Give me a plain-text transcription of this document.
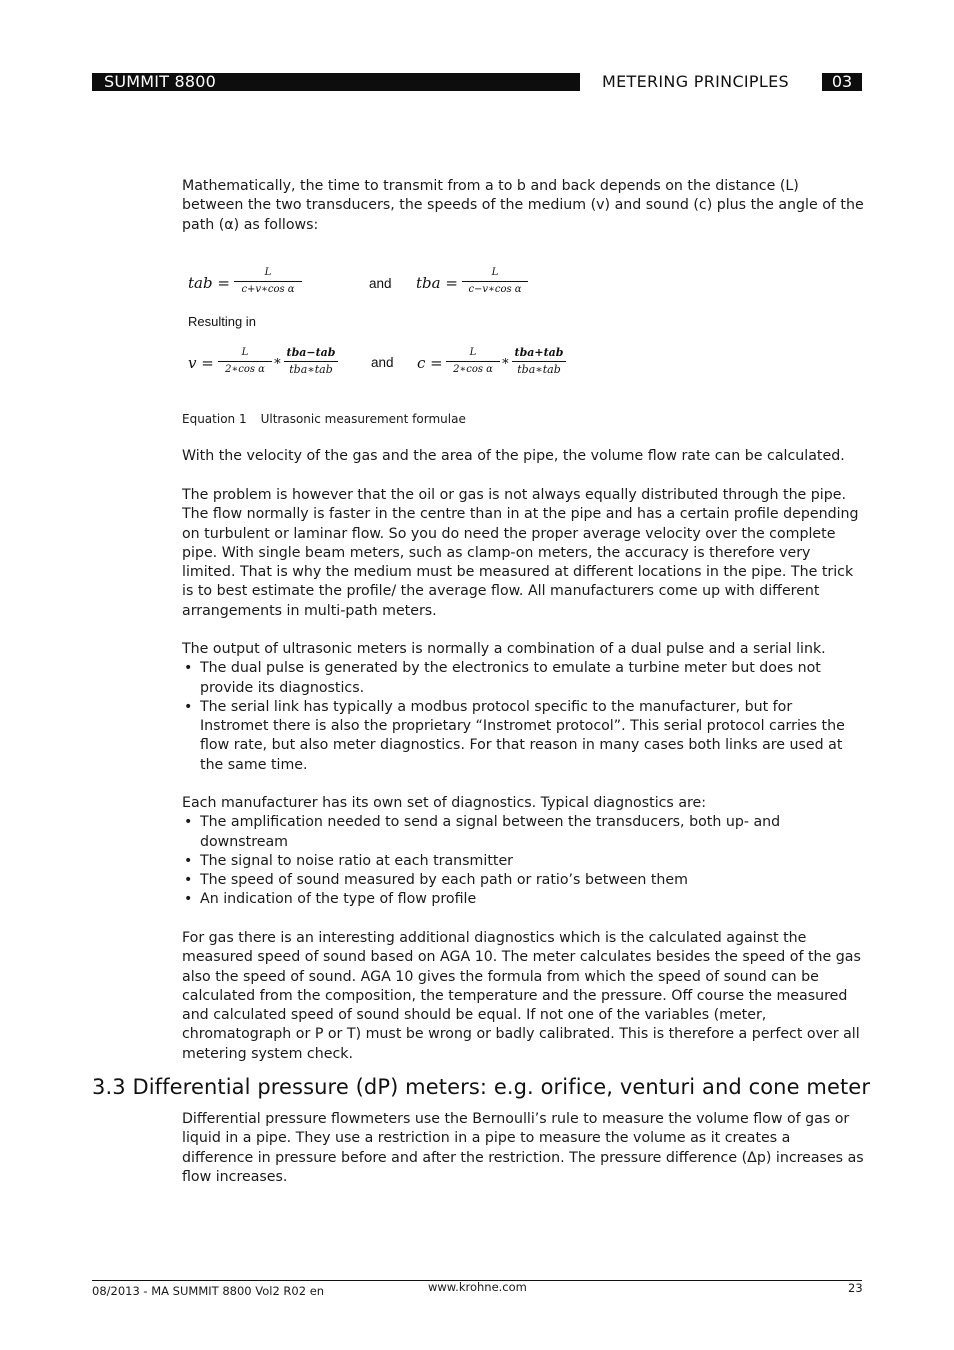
SUMMIT 8800	METERING PRINCIPLES	03

Mathematically, the time to transmit from a to b and back depends on the distance (L) between the two transducers, the speeds of the medium (v) and sound (c) plus the angle of the path (α) as follows:

tab =
L
c+v∗cos α	and tba =
L
c−v∗cos α
Resulting in
v =
L
2∗cos α
∗
tba−tab
tba∗tab	and c =
L
2∗cos α
∗
tba+tab
tba∗tab
Equation 1 Ultrasonic measurement formulae

With the velocity of the gas and the area of the pipe, the volume flow rate can be calculated.

The problem is however that the oil or gas is not always equally distributed through the pipe. The flow normally is faster in the centre than in at the pipe and has a certain profile depending on turbulent or laminar flow. So you do need the proper average velocity over the complete pipe. With single beam meters, such as clamp-on meters, the accuracy is therefore very limited. That is why the medium must be measured at different locations in the pipe. The trick is to best estimate the profile/ the average flow. All manufacturers come up with different arrangements in multi-path meters.

The output of ultrasonic meters is normally a combination of a dual pulse and a serial link.
• The dual pulse is generated by the electronics to emulate a turbine meter but does not provide its diagnostics.
• The serial link has typically a modbus protocol specific to the manufacturer, but for Instromet there is also the proprietary “Instromet protocol”. This serial protocol carries the flow rate, but also meter diagnostics. For that reason in many cases both links are used at the same time.
Each manufacturer has its own set of diagnostics. Typical diagnostics are:
• The amplification needed to send a signal between the transducers, both up- and downstream
• The signal to noise ratio at each transmitter
• The speed of sound measured by each path or ratio’s between them
• An indication of the type of flow profile

For gas there is an interesting additional diagnostics which is the calculated against the measured speed of sound based on AGA 10. The meter calculates besides the speed of the gas also the speed of sound. AGA 10 gives the formula from which the speed of sound can be calculated from the composition, the temperature and the pressure. Off course the measured and calculated speed of sound should be equal. If not one of the variables (meter, chromatograph or P or T) must be wrong or badly calibrated. This is therefore a perfect over all metering system check.

3.3 Differential pressure (dP) meters: e.g. orifice, venturi and cone meter

Differential pressure flowmeters use the Bernoulli’s rule to measure the volume flow of gas or liquid in a pipe. They use a restriction in a pipe to measure the volume as it creates a difference in pressure before and after the restriction. The pressure difference (Δp) increases as flow increases.

08/2013 - MA SUMMIT 8800 Vol2 R02 en	www.krohne.com	23
